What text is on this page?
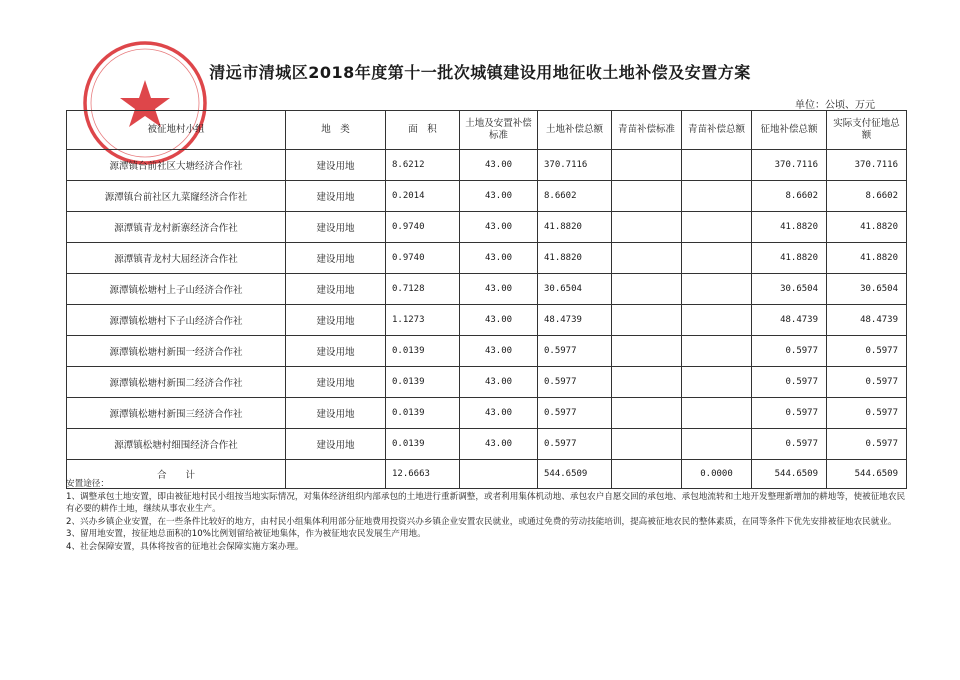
清远市清城区2018年度第十一批次城镇建设用地征收土地补偿及安置方案
单位：公顷、万元
被征地村小组	地　类	面　积	土地及安置补偿标准	土地补偿总额	青苗补偿标准	青苗补偿总额	征地补偿总额	实际支付征地总额
源潭镇台前社区大塘经济合作社	建设用地	8.6212	43.00	370.7116			370.7116	370.7116
源潭镇台前社区九菜窿经济合作社	建设用地	0.2014	43.00	8.6602			8.6602	8.6602
源潭镇青龙村新寨经济合作社	建设用地	0.9740	43.00	41.8820			41.8820	41.8820
源潭镇青龙村大屈经济合作社	建设用地	0.9740	43.00	41.8820			41.8820	41.8820
源潭镇松塘村上子山经济合作社	建设用地	0.7128	43.00	30.6504			30.6504	30.6504
源潭镇松塘村下子山经济合作社	建设用地	1.1273	43.00	48.4739			48.4739	48.4739
源潭镇松塘村新围一经济合作社	建设用地	0.0139	43.00	0.5977			0.5977	0.5977
源潭镇松塘村新围二经济合作社	建设用地	0.0139	43.00	0.5977			0.5977	0.5977
源潭镇松塘村新围三经济合作社	建设用地	0.0139	43.00	0.5977			0.5977	0.5977
源潭镇松塘村细围经济合作社	建设用地	0.0139	43.00	0.5977			0.5977	0.5977
合　　计		12.6663		544.6509		0.0000	544.6509	544.6509

安置途径：

1、调整承包土地安置，即由被征地村民小组按当地实际情况，对集体经济组织内部承包的土地进行重新调整，或者利用集体机动地、承包农户自愿交回的承包地、承包地流转和土地开发整理新增加的耕地等，使被征地农民有必要的耕作土地，继续从事农业生产。

2、兴办乡镇企业安置，在一些条件比较好的地方，由村民小组集体利用部分征地费用投资兴办乡镇企业安置农民就业，或通过免费的劳动技能培训，提高被征地农民的整体素质，在同等条件下优先安排被征地农民就业。

3、留用地安置，按征地总面积的10%比例划留给被征地集体，作为被征地农民发展生产用地。

4、社会保障安置，具体将按省的征地社会保障实施方案办理。
